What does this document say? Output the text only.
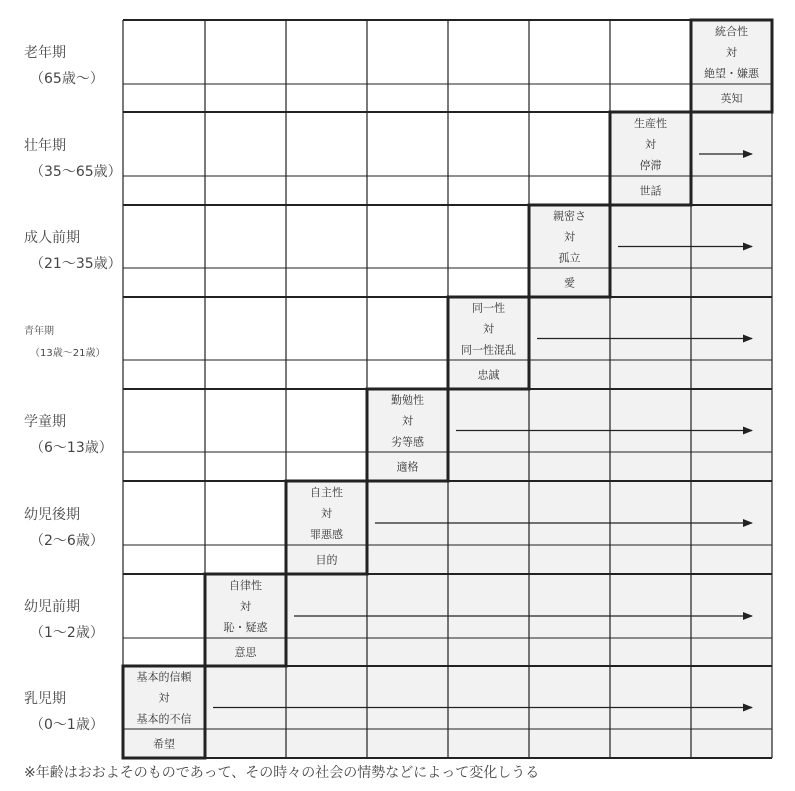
統合性
対
絶望・嫌悪
英知
生産性
対
停滞
世話
親密さ
対
孤立
愛
同一性
対
同一性混乱
忠誠
勤勉性
対
劣等感
適格
自主性
対
罪悪感
目的
自律性
対
恥・疑惑
意思
基本的信頼
対
基本的不信
希望
老年期
（65歳～）
壮年期
（35～65歳）
成人前期
（21～35歳）
青年期
（13歳～21歳）
学童期
（6～13歳）
幼児後期
（2～6歳）
幼児前期
（1～2歳）
乳児期
（0～1歳）
※年齢はおおよそのものであって、その時々の社会の情勢などによって変化しうる
